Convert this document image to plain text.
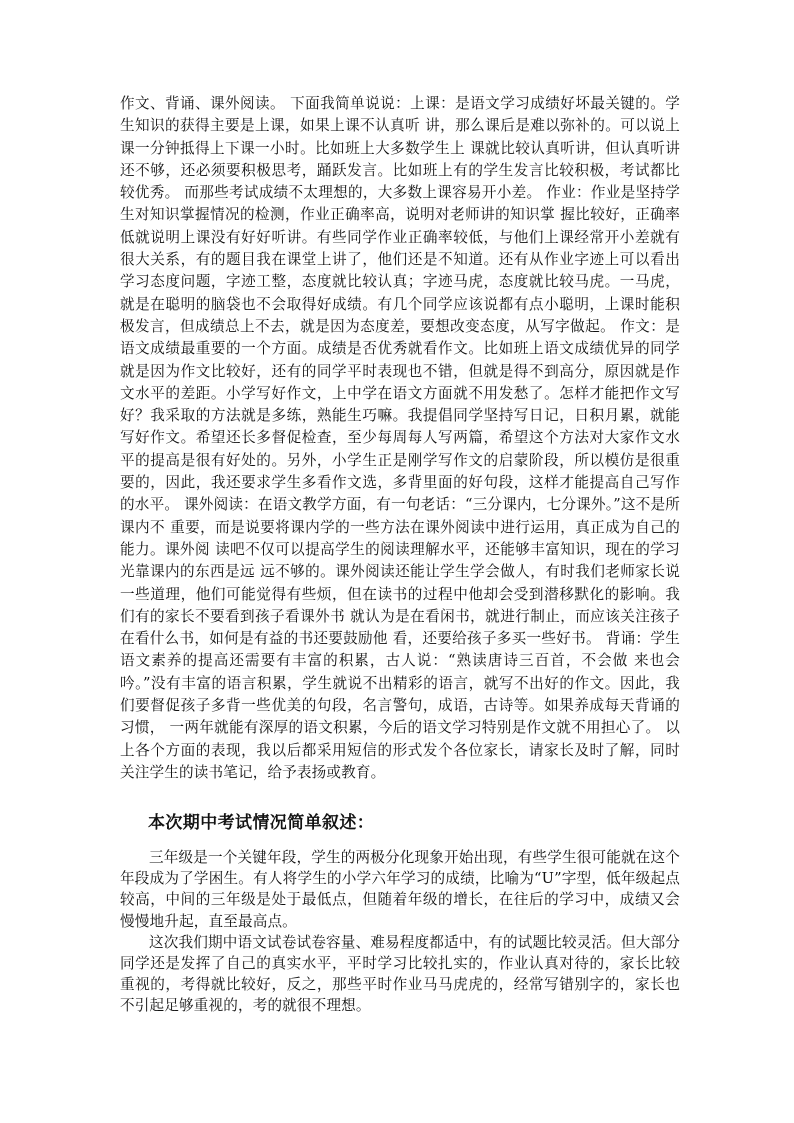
作文、背诵、课外阅读。 下面我简单说说：上课：是语文学习成绩好坏最关键的。学生知识的获得主要是上课，如果上课不认真听 讲，那么课后是难以弥补的。可以说上课一分钟抵得上下课一小时。比如班上大多数学生上 课就比较认真听讲，但认真听讲还不够，还必须要积极思考，踊跃发言。比如班上有的学生发言比较积极，考试都比较优秀。 而那些考试成绩不太理想的，大多数上课容易开小差。 作业：作业是坚持学生对知识掌握情况的检测，作业正确率高，说明对老师讲的知识掌 握比较好，正确率低就说明上课没有好好听讲。有些同学作业正确率较低，与他们上课经常开小差就有很大关系，有的题目我在课堂上讲了，他们还是不知道。还有从作业字迹上可以看出学习态度问题，字迹工整，态度就比较认真；字迹马虎，态度就比较马虎。一马虎，就是在聪明的脑袋也不会取得好成绩。有几个同学应该说都有点小聪明，上课时能积极发言，但成绩总上不去，就是因为态度差，要想改变态度，从写字做起。 作文：是语文成绩最重要的一个方面。成绩是否优秀就看作文。比如班上语文成绩优异的同学就是因为作文比较好，还有的同学平时表现也不错，但就是得不到高分，原因就是作文水平的差距。小学写好作文，上中学在语文方面就不用发愁了。怎样才能把作文写好？我采取的方法就是多练，熟能生巧嘛。我提倡同学坚持写日记，日积月累，就能写好作文。希望还长多督促检查，至少每周每人写两篇，希望这个方法对大家作文水平的提高是很有好处的。另外，小学生正是刚学写作文的启蒙阶段，所以模仿是很重要的，因此，我还要求学生多看作文选，多背里面的好句段，这样才能提高自己写作的水平。 课外阅读：在语文教学方面，有一句老话：“三分课内，七分课外。”这不是所课内不 重要，而是说要将课内学的一些方法在课外阅读中进行运用，真正成为自己的能力。课外阅 读吧不仅可以提高学生的阅读理解水平，还能够丰富知识，现在的学习光靠课内的东西是远 远不够的。课外阅读还能让学生学会做人，有时我们老师家长说一些道理，他们可能觉得有些烦，但在读书的过程中他却会受到潜移默化的影响。我们有的家长不要看到孩子看课外书 就认为是在看闲书，就进行制止，而应该关注孩子在看什么书，如何是有益的书还要鼓励他 看，还要给孩子多买一些好书。 背诵：学生语文素养的提高还需要有丰富的积累，古人说：“熟读唐诗三百首，不会做 来也会吟。”没有丰富的语言积累，学生就说不出精彩的语言，就写不出好的作文。因此，我们要督促孩子多背一些优美的句段，名言警句，成语，古诗等。如果养成每天背诵的习惯， 一两年就能有深厚的语文积累，今后的语文学习特别是作文就不用担心了。 以上各个方面的表现，我以后都采用短信的形式发个各位家长，请家长及时了解，同时关注学生的读书笔记，给予表扬或教育。

本次期中考试情况简单叙述：

三年级是一个关键年段，学生的两极分化现象开始出现，有些学生很可能就在这个年段成为了学困生。有人将学生的小学六年学习的成绩，比喻为“U”字型，低年级起点较高，中间的三年级是处于最低点，但随着年级的增长，在往后的学习中，成绩又会慢慢地升起，直至最高点。

这次我们期中语文试卷试卷容量、难易程度都适中，有的试题比较灵活。但大部分同学还是发挥了自己的真实水平，平时学习比较扎实的，作业认真对待的，家长比较重视的，考得就比较好，反之，那些平时作业马马虎虎的，经常写错别字的，家长也不引起足够重视的，考的就很不理想。
